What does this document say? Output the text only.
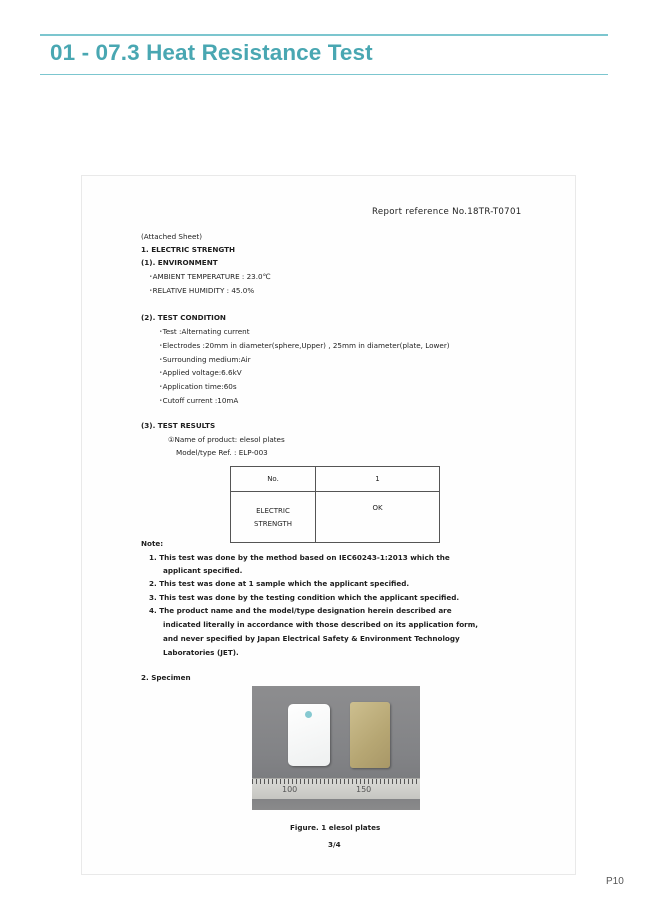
01 - 07.3 Heat Resistance Test
Report reference No.18TR-T0701
(Attached Sheet)
1. ELECTRIC STRENGTH
(1). ENVIRONMENT
･AMBIENT TEMPERATURE : 23.0℃
･RELATIVE HUMIDITY : 45.0%
(2). TEST CONDITION
･Test :Alternating current
･Electrodes :20mm in diameter(sphere,Upper) , 25mm in diameter(plate, Lower)
･Surrounding medium:Air
･Applied voltage:6.6kV
･Application time:60s
･Cutoff current :10mA
(3). TEST RESULTS
①Name of product: elesol plates
Model/type Ref. : ELP-003
No.	1

ELECTRIC
STRENGTH	OK
Note:
1. This test was done by the method based on IEC60243-1:2013 which the
applicant specified.
2. This test was done at 1 sample which the applicant specified.
3. This test was done by the testing condition which the applicant specified.
4. The product name and the model/type designation herein described are
indicated literally in accordance with those described on its application form,
and never specified by Japan Electrical Safety & Environment Technology
Laboratories (JET).
2. Specimen
100	150
Figure. 1 elesol plates
3/4
P10
